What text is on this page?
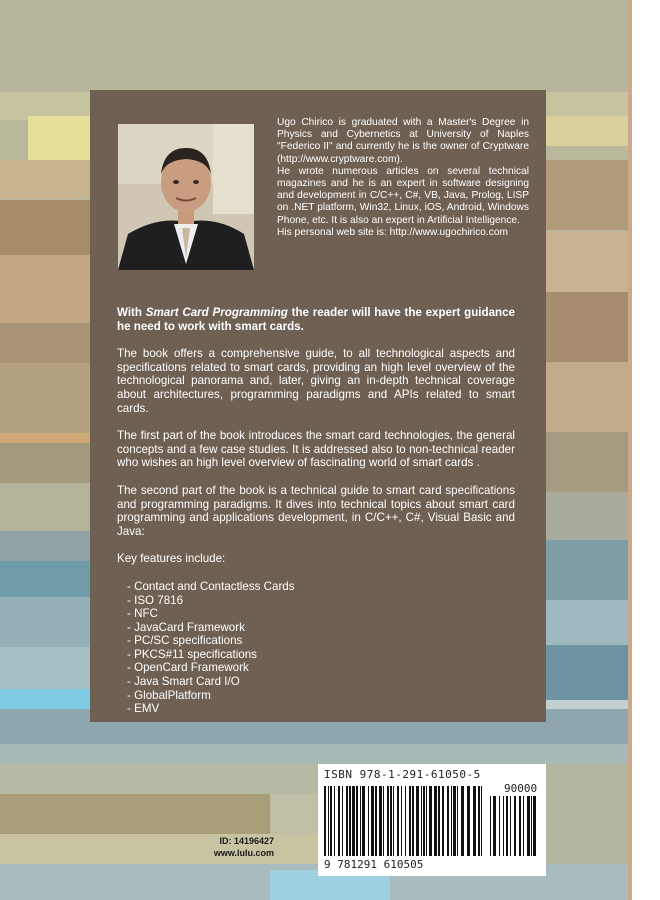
Ugo Chirico is graduated with a Master's Degree in Physics and Cybernetics at University of Naples "Federico II" and currently he is the owner of Cryptware (http://www.cryptware.com).

He wrote numerous articles on several technical magazines and he is an expert in software designing and development in C/C++, C#, VB, Java, Prolog, LISP on .NET platform, Win32, Linux, iOS, Android, Windows Phone, etc. It is also an expert in Artificial Intelligence.

His personal web site is: http://www.ugochirico.com

With Smart Card Programming the reader will have the expert guidance he need to work with smart cards.

The book offers a comprehensive guide, to all technological aspects and specifications related to smart cards, providing an high level overview of the technological panorama and, later, giving an in-depth technical coverage about architectures, programming paradigms and APIs related to smart cards.

The first part of the book introduces the smart card technologies, the general concepts and a few case studies. It is addressed also to non-technical reader who wishes an high level overview of fascinating world of smart cards .

The second part of the book is a technical guide to smart card specifications and programming paradigms. It dives into technical topics about smart card programming and applications development, in C/C++, C#, Visual Basic and Java:

Key features include:

- Contact and Contactless Cards
- ISO 7816
- NFC
- JavaCard Framework
- PC/SC specifications
- PKCS#11 specifications
- OpenCard Framework
- Java Smart Card I/O
- GlobalPlatform
- EMV
ID: 14196427
www.lulu.com
ISBN 978-1-291-61050-5
90000
9 781291 610505
